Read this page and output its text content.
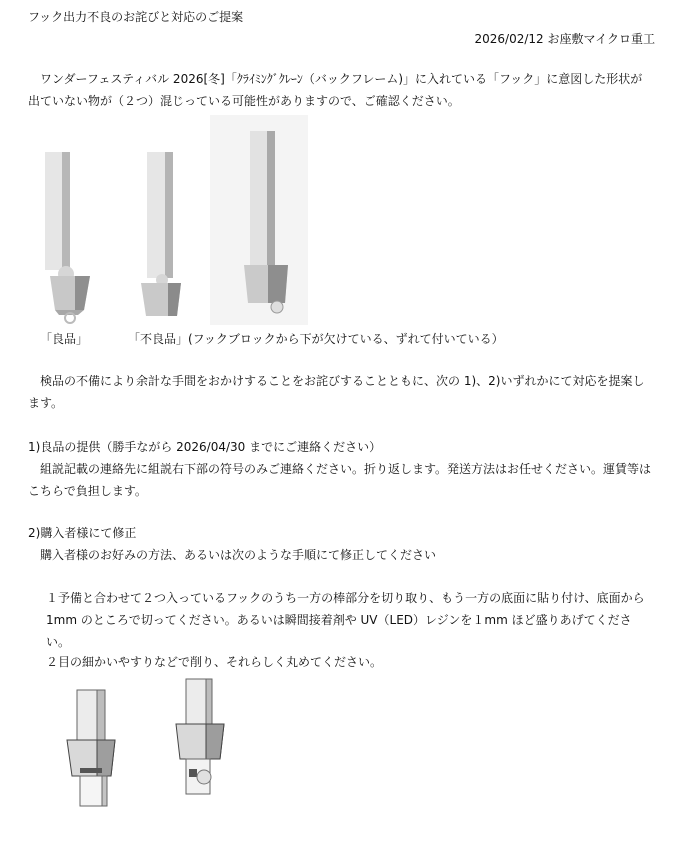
フック出力不良のお詫びと対応のご提案
2026/02/12 お座敷マイクロ重工
ワンダーフェスティバル 2026[冬]「ｸﾗｲﾐﾝｸﾞｸﾚｰﾝ（バックフレーム)」に入れている「フック」に意図した形状が出ていない物が（２つ）混じっている可能性がありますので、ご確認ください。
「良品」	「不良品」(フックブロックから下が欠けている、ずれて付いている）
検品の不備により余計な手間をおかけすることをお詫びすることともに、次の 1)、2)いずれかにて対応を提案します。
1)良品の提供（勝手ながら 2026/04/30 までにご連絡ください）
組説記載の連絡先に組説右下部の符号のみご連絡ください。折り返します。発送方法はお任せください。運賃等はこちらで負担します。
2)購入者様にて修正
購入者様のお好みの方法、あるいは次のような手順にて修正してください
１予備と合わせて２つ入っているフックのうち一方の棒部分を切り取り、もう一方の底面に貼り付け、底面から 1mm のところで切ってください。あるいは瞬間接着剤や UV（LED）レジンを１mm ほど盛りあげてください。
２目の細かいやすりなどで削り、それらしく丸めてください。
